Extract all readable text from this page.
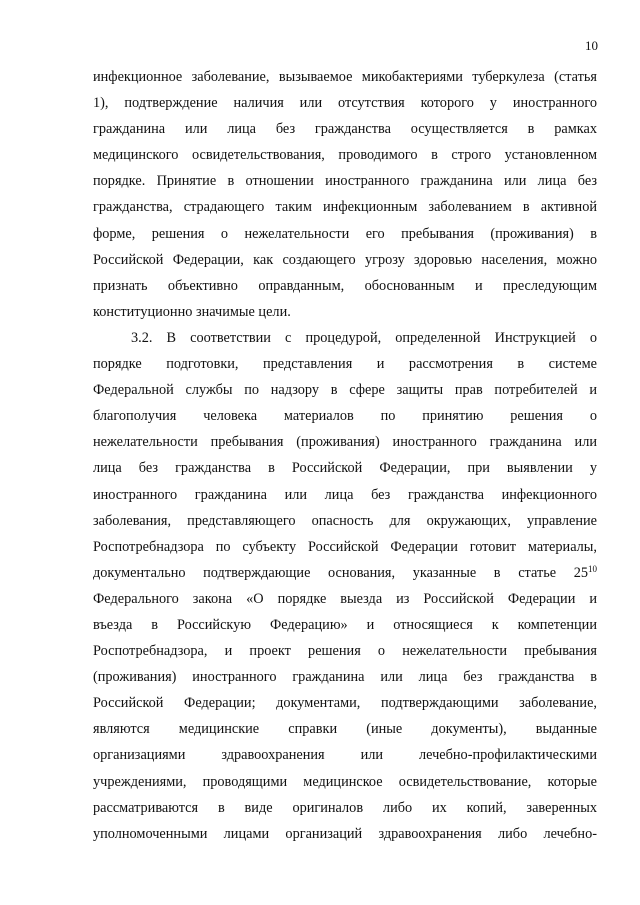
10
инфекционное заболевание, вызываемое микобактериями туберкулеза (статья
1), подтверждение наличия или отсутствия которого у иностранного
гражданина или лица без гражданства осуществляется в рамках
медицинского освидетельствования, проводимого в строго установленном
порядке. Принятие в отношении иностранного гражданина или лица без
гражданства, страдающего таким инфекционным заболеванием в активной
форме, решения о нежелательности его пребывания (проживания) в
Российской Федерации, как создающего угрозу здоровью населения, можно
признать объективно оправданным, обоснованным и преследующим
конституционно значимые цели.
3.2. В соответствии с процедурой, определенной Инструкцией о
порядке подготовки, представления и рассмотрения в системе
Федеральной службы по надзору в сфере защиты прав потребителей и
благополучия человека материалов по принятию решения о
нежелательности пребывания (проживания) иностранного гражданина или
лица без гражданства в Российской Федерации, при выявлении у
иностранного гражданина или лица без гражданства инфекционного
заболевания, представляющего опасность для окружающих, управление
Роспотребнадзора по субъекту Российской Федерации готовит материалы,
документально подтверждающие основания, указанные в статье 25$^{10}$
Федерального закона «О порядке выезда из Российской Федерации и
въезда в Российскую Федерацию» и относящиеся к компетенции
Роспотребнадзора, и проект решения о нежелательности пребывания
(проживания) иностранного гражданина или лица без гражданства в
Российской Федерации; документами, подтверждающими заболевание,
являются медицинские справки (иные документы), выданные
организациями здравоохранения или лечебно-профилактическими
учреждениями, проводящими медицинское освидетельствование, которые
рассматриваются в виде оригиналов либо их копий, заверенных
уполномоченными лицами организаций здравоохранения либо лечебно-
